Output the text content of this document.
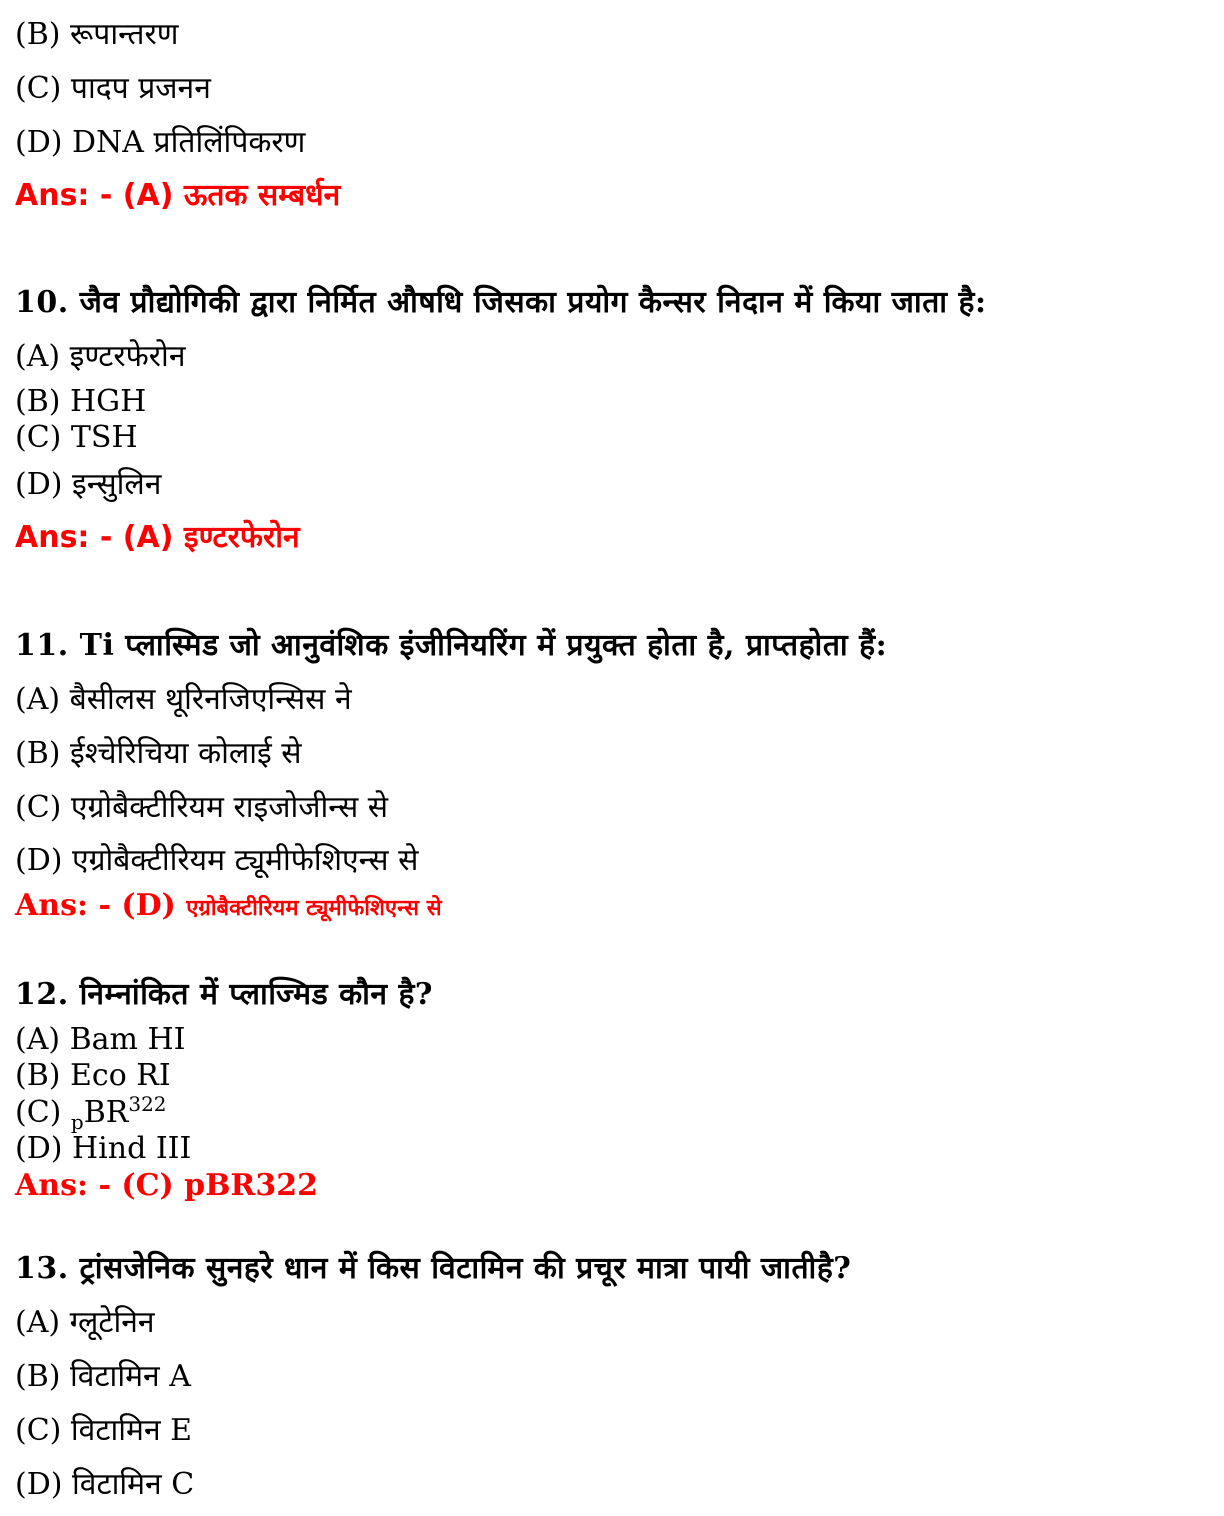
(B) रूपान्तरण
(C) पादप प्रजनन
(D) DNA प्रतिलिंपिकरण
Ans: - (A) ऊतक सम्बर्धन
10. जैव प्रौद्योगिकी द्वारा निर्मित औषधि जिसका प्रयोग कैन्सर निदान में किया जाता है:
(A) इण्टरफेरोन
(B) HGH
(C) TSH
(D) इन्सुलिन
Ans: - (A) इण्टरफेरोन
11. Ti प्लास्मिड जो आनुवंशिक इंजीनियरिंग में प्रयुक्त होता है, प्राप्तहोता हैं:
(A) बैसीलस थूरिनजिएन्सिस ने
(B) ईश्चेरिचिया कोलाई से
(C) एग्रोबैक्टीरियम राइजोजीन्स से
(D) एग्रोबैक्टीरियम ट्यूमीफेशिएन्स से
Ans: - (D) एग्रोबैक्टीरियम ट्यूमीफेशिएन्स से
12. निम्नांकित में प्लाज्मिड कौन है?
(A) Bam HI
(B) Eco RI
(C) $_pBR^{322}$
(D) Hind III
Ans: - (C) pBR322
13. ट्रांसजेनिक सुनहरे धान में किस विटामिन की प्रचूर मात्रा पायी जातीहै?
(A) ग्लूटेनिन
(B) विटामिन A
(C) विटामिन E
(D) विटामिन C
